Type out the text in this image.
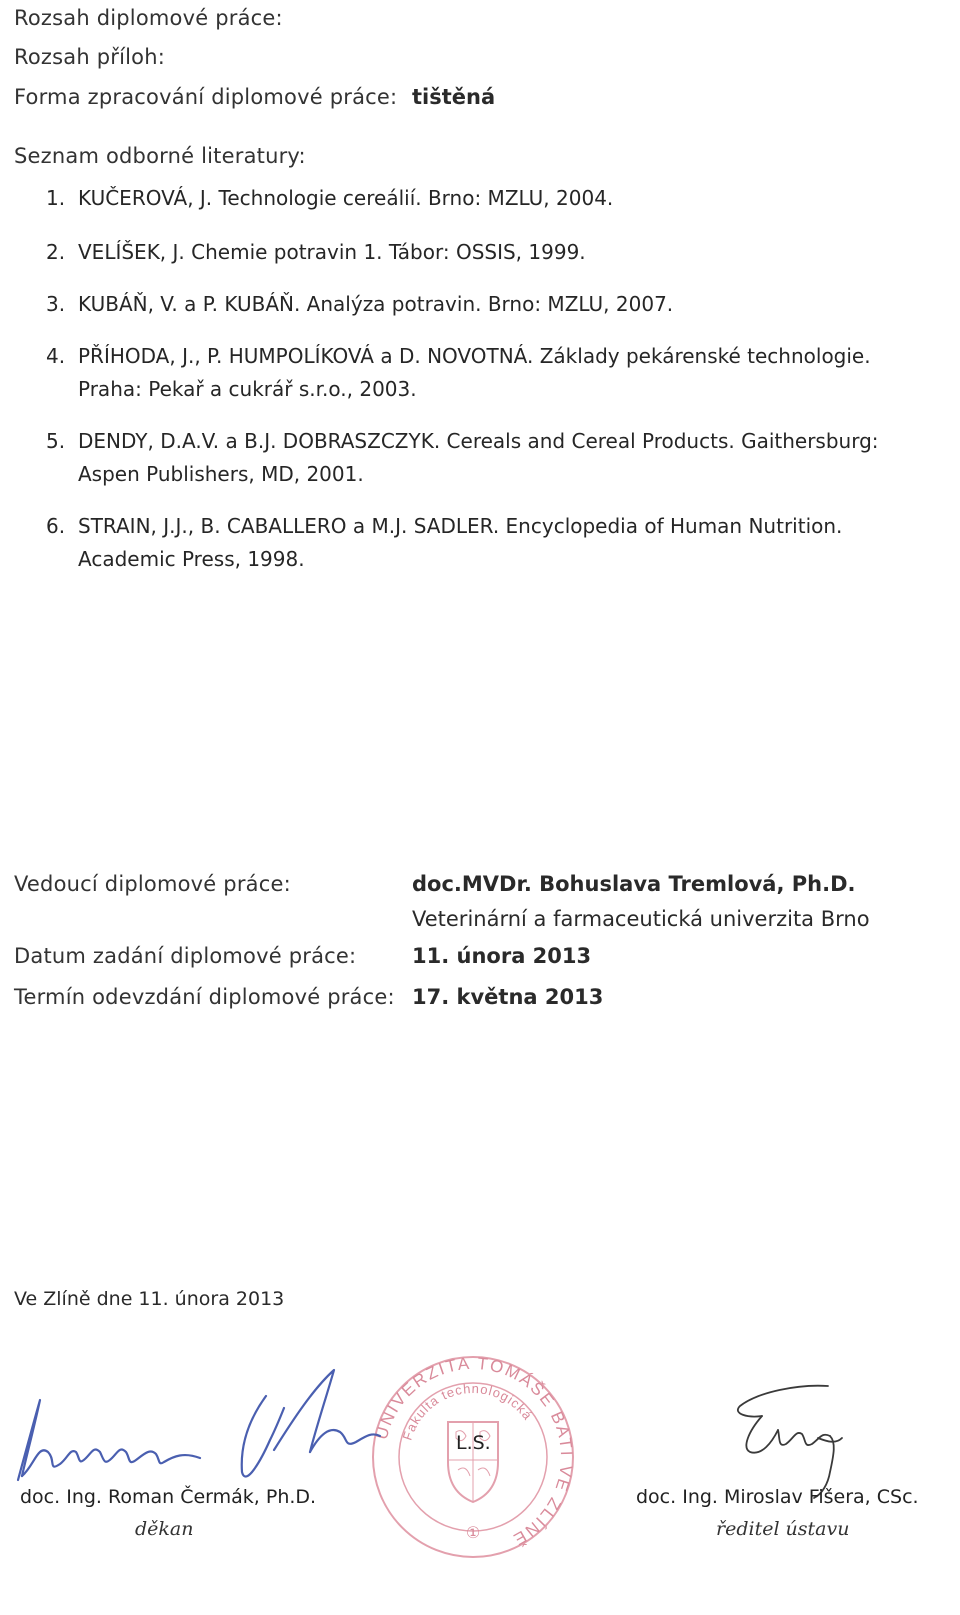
Rozsah diplomové práce:
Rozsah příloh:
Forma zpracování diplomové práce: tištěná
Seznam odborné literatury:
1. KUČEROVÁ, J. Technologie cereálií. Brno: MZLU, 2004.
2. VELÍŠEK, J. Chemie potravin 1. Tábor: OSSIS, 1999.
3. KUBÁŇ, V. a P. KUBÁŇ. Analýza potravin. Brno: MZLU, 2007.
4. PŘÍHODA, J., P. HUMPOLÍKOVÁ a D. NOVOTNÁ. Základy pekárenské technologie.
Praha: Pekař a cukrář s.r.o., 2003.
5. DENDY, D.A.V. a B.J. DOBRASZCZYK. Cereals and Cereal Products. Gaithersburg:
Aspen Publishers, MD, 2001.
6. STRAIN, J.J., B. CABALLERO a M.J. SADLER. Encyclopedia of Human Nutrition.
Academic Press, 1998.
Vedoucí diplomové práce:	doc.MVDr. Bohuslava Tremlová, Ph.D.
Veterinární a farmaceutická univerzita Brno
Datum zadání diplomové práce:	11. února 2013
Termín odevzdání diplomové práce: 17. května 2013
Ve Zlíně dne 11. února 2013
UNIVERZITA TOMÁŠE BATI VE ZLÍNĚ
Fakulta technologická
①
L.S.
doc. Ing. Roman Čermák, Ph.D.
děkan
doc. Ing. Miroslav Fišera, CSc.
ředitel ústavu
